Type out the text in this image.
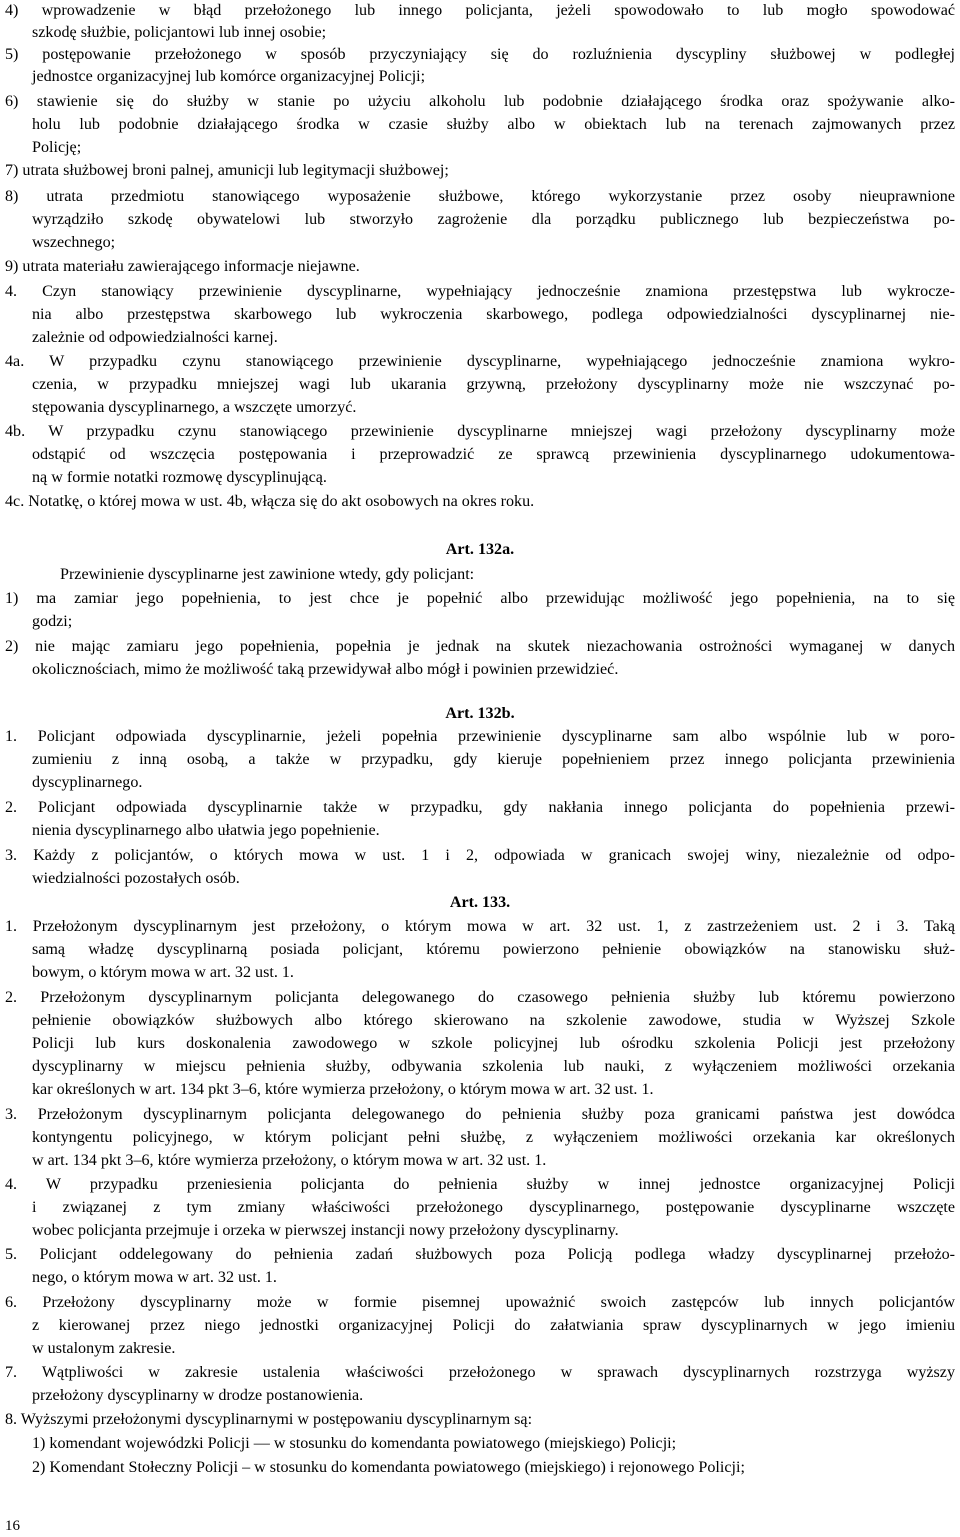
4) wprowadzenie w błąd przełożonego lub innego policjanta, jeżeli spowodowało to lub mogło spowodować
szkodę służbie, policjantowi lub innej osobie;
5) postępowanie przełożonego w sposób przyczyniający się do rozluźnienia dyscypliny służbowej w podległej
jednostce organizacyjnej lub komórce organizacyjnej Policji;
6) stawienie się do służby w stanie po użyciu alkoholu lub podobnie działającego środka oraz spożywanie alko-
holu lub podobnie działającego środka w czasie służby albo w obiektach lub na terenach zajmowanych przez
Policję;
7) utrata służbowej broni palnej, amunicji lub legitymacji służbowej;
8) utrata przedmiotu stanowiącego wyposażenie służbowe, którego wykorzystanie przez osoby nieuprawnione
wyrządziło szkodę obywatelowi lub stworzyło zagrożenie dla porządku publicznego lub bezpieczeństwa po-
wszechnego;
9) utrata materiału zawierającego informacje niejawne.
4. Czyn stanowiący przewinienie dyscyplinarne, wypełniający jednocześnie znamiona przestępstwa lub wykrocze-
nia albo przestępstwa skarbowego lub wykroczenia skarbowego, podlega odpowiedzialności dyscyplinarnej nie-
zależnie od odpowiedzialności karnej.
4a. W przypadku czynu stanowiącego przewinienie dyscyplinarne, wypełniającego jednocześnie znamiona wykro-
czenia, w przypadku mniejszej wagi lub ukarania grzywną, przełożony dyscyplinarny może nie wszczynać po-
stępowania dyscyplinarnego, a wszczęte umorzyć.
4b. W przypadku czynu stanowiącego przewinienie dyscyplinarne mniejszej wagi przełożony dyscyplinarny może
odstąpić od wszczęcia postępowania i przeprowadzić ze sprawcą przewinienia dyscyplinarnego udokumentowa-
ną w formie notatki rozmowę dyscyplinującą.
4c. Notatkę, o której mowa w ust. 4b, włącza się do akt osobowych na okres roku.
Przewinienie dyscyplinarne jest zawinione wtedy, gdy policjant:
1) ma zamiar jego popełnienia, to jest chce je popełnić albo przewidując możliwość jego popełnienia, na to się
godzi;
2) nie mając zamiaru jego popełnienia, popełnia je jednak na skutek niezachowania ostrożności wymaganej w danych
okolicznościach, mimo że możliwość taką przewidywał albo mógł i powinien przewidzieć.
1. Policjant odpowiada dyscyplinarnie, jeżeli popełnia przewinienie dyscyplinarne sam albo wspólnie lub w poro-
zumieniu z inną osobą, a także w przypadku, gdy kieruje popełnieniem przez innego policjanta przewinienia
dyscyplinarnego.
2. Policjant odpowiada dyscyplinarnie także w przypadku, gdy nakłania innego policjanta do popełnienia przewi-
nienia dyscyplinarnego albo ułatwia jego popełnienie.
3. Każdy z policjantów, o których mowa w ust. 1 i 2, odpowiada w granicach swojej winy, niezależnie od odpo-
wiedzialności pozostałych osób.
1. Przełożonym dyscyplinarnym jest przełożony, o którym mowa w art. 32 ust. 1, z zastrzeżeniem ust. 2 i 3. Taką
samą władzę dyscyplinarną posiada policjant, któremu powierzono pełnienie obowiązków na stanowisku służ-
bowym, o którym mowa w art. 32 ust. 1.
2. Przełożonym dyscyplinarnym policjanta delegowanego do czasowego pełnienia służby lub któremu powierzono
pełnienie obowiązków służbowych albo którego skierowano na szkolenie zawodowe, studia w Wyższej Szkole
Policji lub kurs doskonalenia zawodowego w szkole policyjnej lub ośrodku szkolenia Policji jest przełożony
dyscyplinarny w miejscu pełnienia służby, odbywania szkolenia lub nauki, z wyłączeniem możliwości orzekania
kar określonych w art. 134 pkt 3–6, które wymierza przełożony, o którym mowa w art. 32 ust. 1.
3. Przełożonym dyscyplinarnym policjanta delegowanego do pełnienia służby poza granicami państwa jest dowódca
kontyngentu policyjnego, w którym policjant pełni służbę, z wyłączeniem możliwości orzekania kar określonych
w art. 134 pkt 3–6, które wymierza przełożony, o którym mowa w art. 32 ust. 1.
4. W przypadku przeniesienia policjanta do pełnienia służby w innej jednostce organizacyjnej Policji
i związanej z tym zmiany właściwości przełożonego dyscyplinarnego, postępowanie dyscyplinarne wszczęte
wobec policjanta przejmuje i orzeka w pierwszej instancji nowy przełożony dyscyplinarny.
5. Policjant oddelegowany do pełnienia zadań służbowych poza Policją podlega władzy dyscyplinarnej przełożo-
nego, o którym mowa w art. 32 ust. 1.
6. Przełożony dyscyplinarny może w formie pisemnej upoważnić swoich zastępców lub innych policjantów
z kierowanej przez niego jednostki organizacyjnej Policji do załatwiania spraw dyscyplinarnych w jego imieniu
w ustalonym zakresie.
7. Wątpliwości w zakresie ustalenia właściwości przełożonego w sprawach dyscyplinarnych rozstrzyga wyższy
przełożony dyscyplinarny w drodze postanowienia.
8. Wyższymi przełożonymi dyscyplinarnymi w postępowaniu dyscyplinarnym są:
1) komendant wojewódzki Policji — w stosunku do komendanta powiatowego (miejskiego) Policji;
2) Komendant Stołeczny Policji – w stosunku do komendanta powiatowego (miejskiego) i rejonowego Policji;
Art. 132a.
Art. 132b.
Art. 133.
16
